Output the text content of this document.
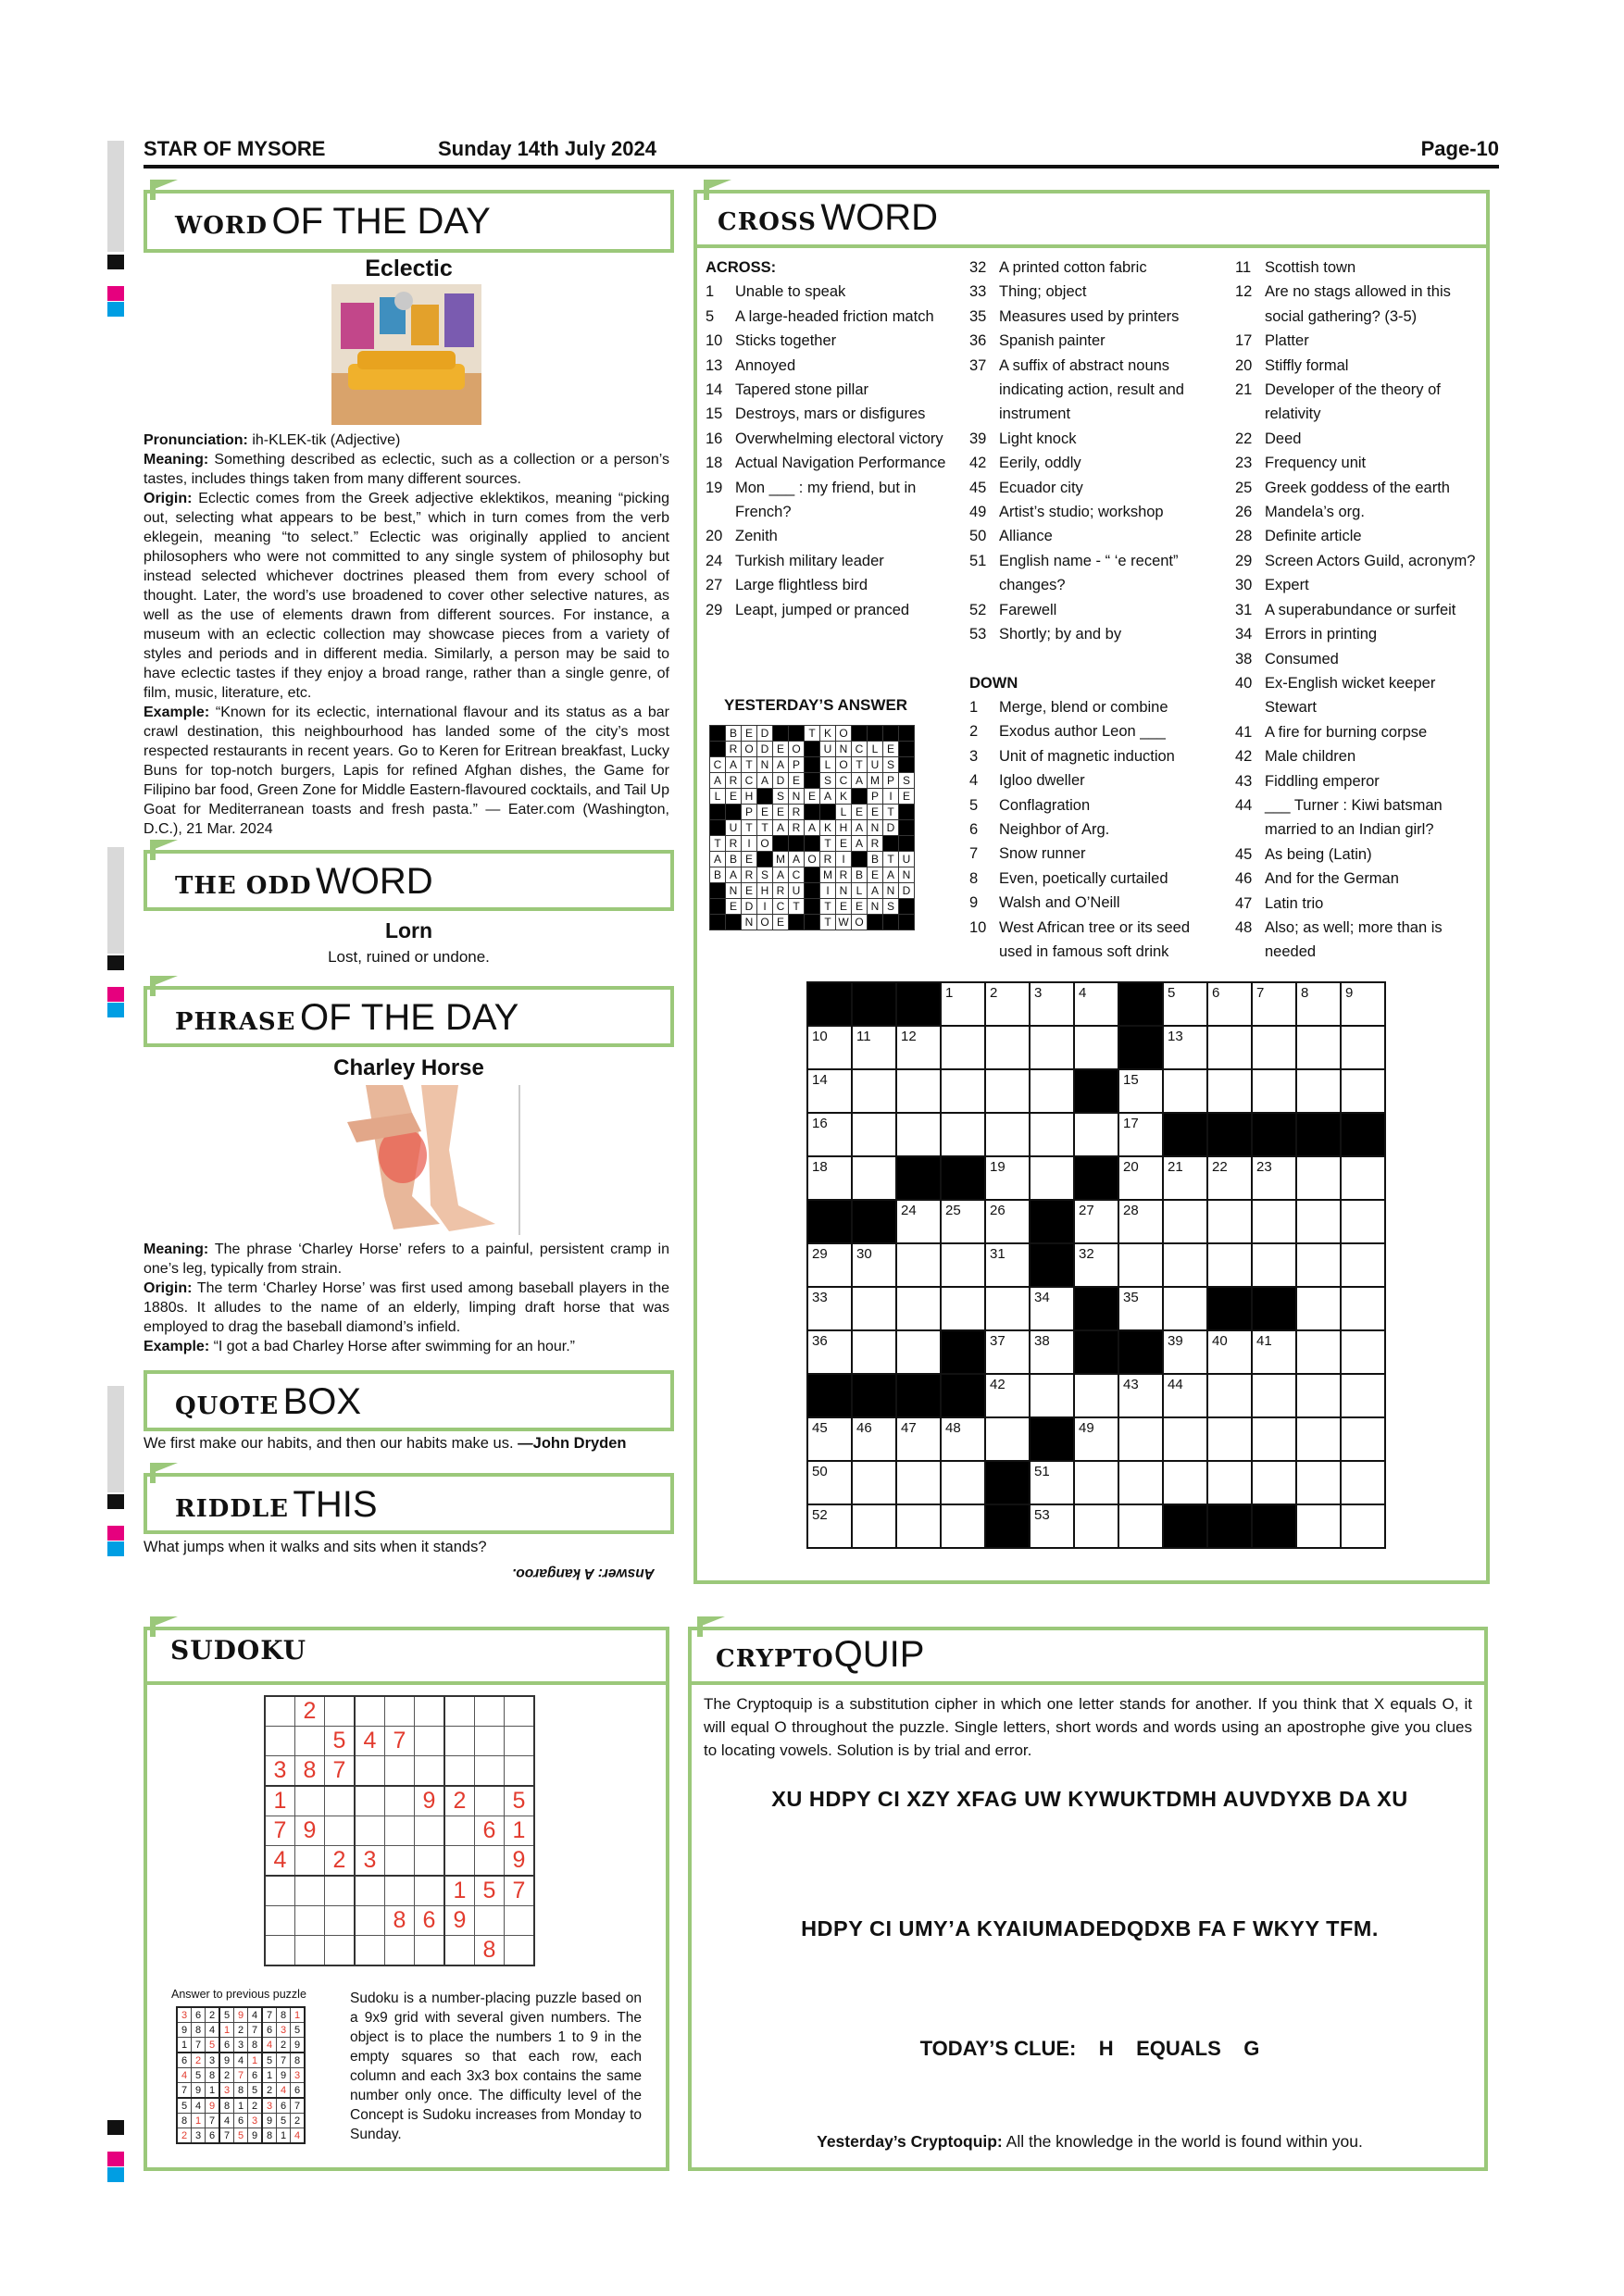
STAR OF MYSORE	Sunday 14th July 2024	Page-10
WORD OF THE DAY
Eclectic
Pronunciation: ih-KLEK-tik (Adjective)
Meaning: Something described as eclectic, such as a collection or a person’s tastes, includes things taken from many different sources.
Origin: Eclectic comes from the Greek adjective eklektikos, meaning “picking out, selecting what appears to be best,” which in turn comes from the verb eklegein, meaning “to select.” Eclectic was originally applied to ancient philosophers who were not committed to any single system of philosophy but instead selected whichever doctrines pleased them from every school of thought. Later, the word’s use broadened to cover other selective natures, as well as the use of elements drawn from different sources. For instance, a museum with an eclectic collection may showcase pieces from a variety of styles and periods and in different media. Similarly, a person may be said to have eclectic tastes if they enjoy a broad range, rather than a single genre, of film, music, literature, etc.
Example: “Known for its eclectic, international flavour and its status as a bar crawl destination, this neighbourhood has landed some of the city’s most respected restaurants in recent years. Go to Keren for Eritrean breakfast, Lucky Buns for top-notch burgers, Lapis for refined Afghan dishes, the Game for Filipino bar food, Green Zone for Middle Eastern-flavoured cocktails, and Tail Up Goat for Mediterranean toasts and fresh pasta.” — Eater.com (Washington, D.C.), 21 Mar. 2024
THE ODD WORD
Lorn
Lost, ruined or undone.
PHRASE OF THE DAY
Charley Horse
Meaning: The phrase ‘Charley Horse’ refers to a painful, persistent cramp in one’s leg, typically from strain.
Origin: The term ‘Charley Horse’ was first used among baseball players in the 1880s. It alludes to the name of an elderly, limping draft horse that was employed to drag the baseball diamond’s infield.
Example: “I got a bad Charley Horse after swimming for an hour.”
QUOTE BOX
We first make our habits, and then our habits make us. —John Dryden
RIDDLE THIS
What jumps when it walks and sits when it stands?
Answer: A kangaroo.
CROSS WORD
ACROSS:
1	Unable to speak
5	A large-headed friction match
10 Sticks together
13 Annoyed
14 Tapered stone pillar
15 Destroys, mars or disfigures
16 Overwhelming electoral victory
18 Actual Navigation Performance
19 Mon ___ : my friend, but in French?
20 Zenith
24 Turkish military leader
27 Large flightless bird
29 Leapt, jumped or pranced
32 A printed cotton fabric
33 Thing; object
35 Measures used by printers
36 Spanish painter
37 A suffix of abstract nouns indicating action, result and instrument
39 Light knock
42 Eerily, oddly
45 Ecuador city
49 Artist’s studio; workshop
50 Alliance
51 English name - “ ‘e recent” changes?
52 Farewell
53 Shortly; by and by
DOWN
1	Merge, blend or combine
2	Exodus author Leon ___
3	Unit of magnetic induction
4	Igloo dweller
5	Conflagration
6	Neighbor of Arg.
7	Snow runner
8	Even, poetically curtailed
9	Walsh and O’Neill
10 West African tree or its seed used in famous soft drink
11 Scottish town
12 Are no stags allowed in this social gathering? (3-5)
17 Platter
20 Stiffly formal
21 Developer of the theory of relativity
22 Deed
23 Frequency unit
25 Greek goddess of the earth
26 Mandela’s org.
28 Definite article
29 Screen Actors Guild, acronym?
30 Expert
31 A superabundance or surfeit
34 Errors in printing
38 Consumed
40 Ex-English wicket keeper Stewart
41 A fire for burning corpse
42 Male children
43 Fiddling emperor
44 ___ Turner : Kiwi batsman married to an Indian girl?
45 As being (Latin)
46 And for the German
47 Latin trio
48 Also; as well; more than is needed
YESTERDAY’S ANSWER
	B	E	D			T	K	O				
	R	O	D	E	O		U	N	C	L	E	
C	A	T	N	A	P		L	O	T	U	S	
A	R	C	A	D	E		S	C	A	M	P	S
L	E	H		S	N	E	A	K		P	I	E
		P	E	E	R			L	E	E	T	
	U	T	T	A	R	A	K	H	A	N	D	
T	R	I	O				T	E	A	R		
A	B	E		M	A	O	R	I		B	T	U
B	A	R	S	A	C		M	R	B	E	A	N
	N	E	H	R	U		I	N	L	A	N	D
	E	D	I	C	T		T	E	E	N	S	
		N	O	E			T	W	O			

			1	2	3	4		5	6	7	8	9

10	11	12						13				

14							15					

16							17					

18				19			20	21	22	23		

		24	25	26		27	28					

29	30			31		32						

33					34		35					

36				37	38			39	40	41		

				42			43	44				

45	46	47	48			49						

50					51							

52					53							

SUDOKU
	2							
		5	4	7				
3	8	7						
1					9	2		5
7	9						6	1
4		2	3					9
						1	5	7
				8	6	9		
							8	
Answer to previous puzzle
3	6	2	5	9	4	7	8	1
9	8	4	1	2	7	6	3	5
1	7	5	6	3	8	4	2	9
6	2	3	9	4	1	5	7	8
4	5	8	2	7	6	1	9	3
7	9	1	3	8	5	2	4	6
5	4	9	8	1	2	3	6	7
8	1	7	4	6	3	9	5	2
2	3	6	7	5	9	8	1	4
Sudoku is a number-placing puzzle based on a 9x9 grid with several given numbers. The object is to place the numbers 1 to 9 in the empty squares so that each row, each column and each 3x3 box contains the same number only once. The difficulty level of the Concept is Sudoku increases from Monday to Sunday.
CRYPTOQUIP
The Cryptoquip is a substitution cipher in which one letter stands for another. If you think that X equals O, it will equal O throughout the puzzle. Single letters, short words and words using an apostrophe give you clues to locating vowels. Solution is by trial and error.
XU HDPY CI XZY XFAG UW KYWUKTDMH AUVDYXB DA XU
HDPY CI UMY’A KYAIUMADEDQDXB FA F WKYY TFM.
TODAY’S CLUE:    H    EQUALS    G
Yesterday’s Cryptoquip: All the knowledge in the world is found within you.
